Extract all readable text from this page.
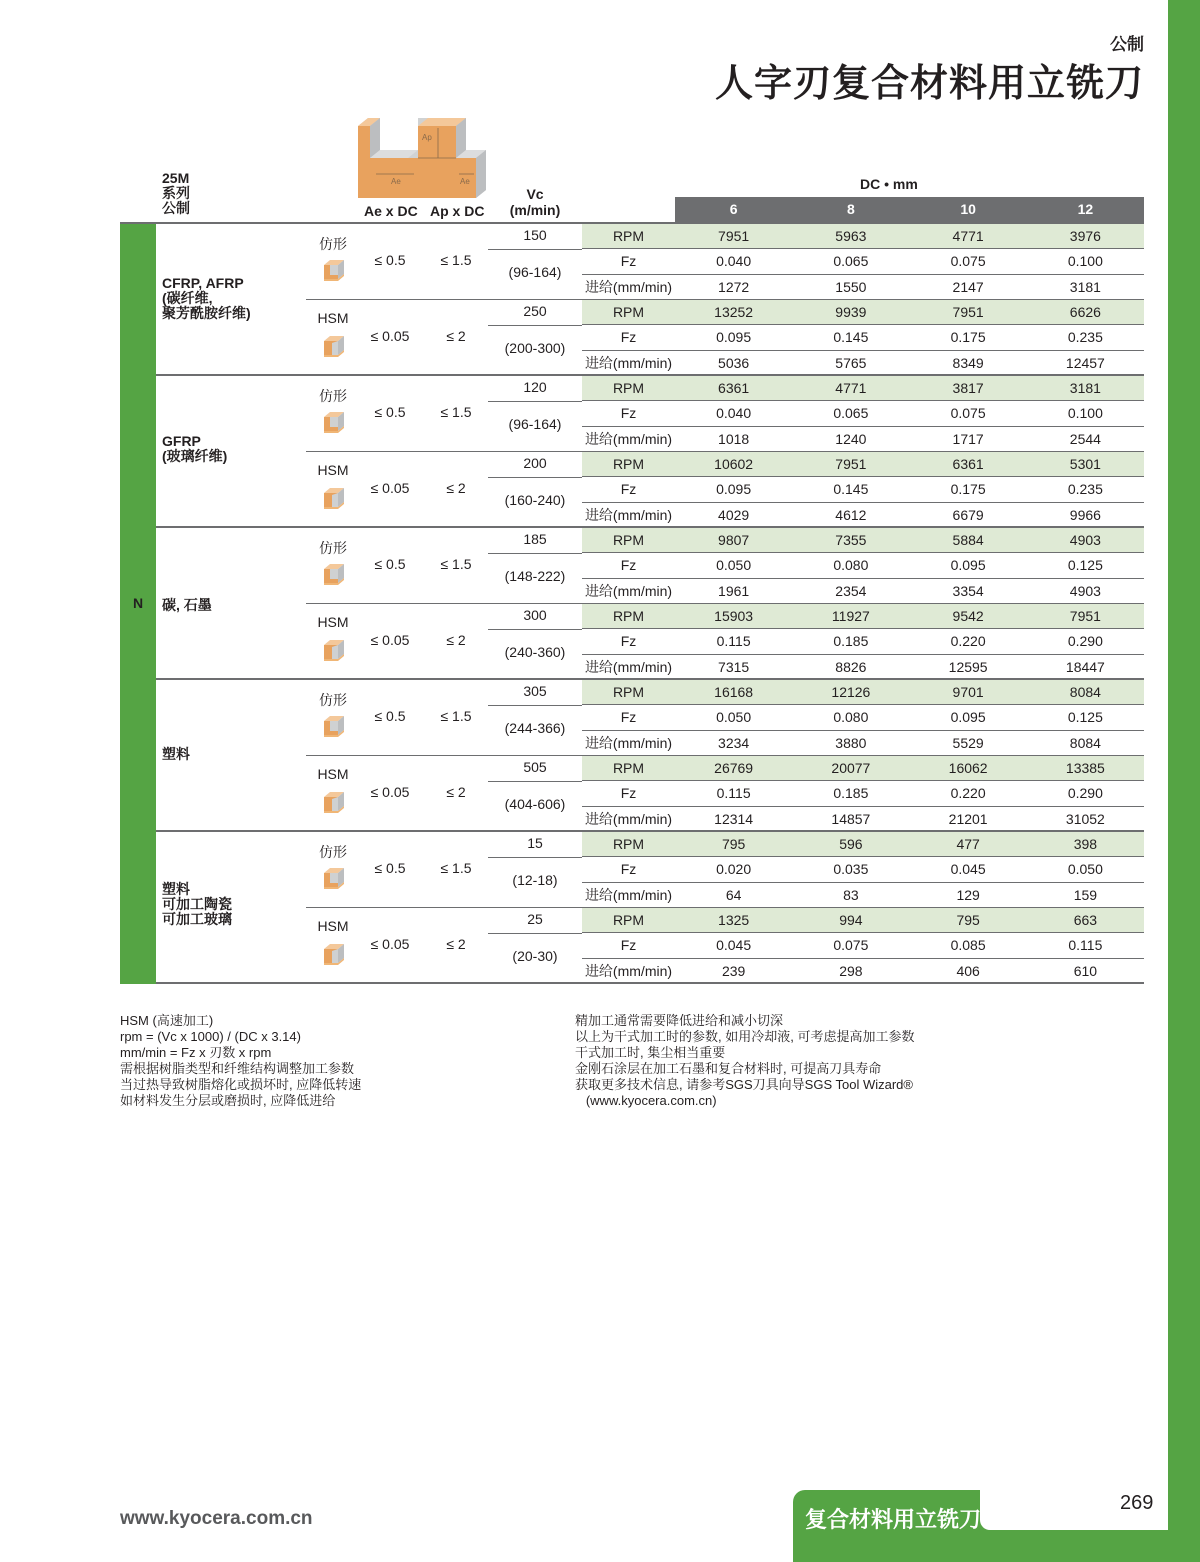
公制
人字刃复合材料用立铣刀
25M
系列
公制
Ap
Ae	Ae
Ae x DC Ap x DC
Vc
(m/min)
DC • mm
6	8	10	12
N
CFRP, AFRP
(碳纤维,
聚芳酰胺纤维)
仿形
≤ 0.5	≤ 1.5
150
(96-164)
RPM	7951	5963	4771	3976
Fz	0.040	0.065	0.075	0.100
进给(mm/min)	1272	1550	2147	3181
HSM
≤ 0.05	≤ 2
250
(200-300)
RPM	13252	9939	7951	6626
Fz	0.095	0.145	0.175	0.235
进给(mm/min)	5036	5765	8349	12457
GFRP
(玻璃纤维)
仿形
≤ 0.5	≤ 1.5
120
(96-164)
RPM	6361	4771	3817	3181
Fz	0.040	0.065	0.075	0.100
进给(mm/min)	1018	1240	1717	2544
HSM
≤ 0.05	≤ 2
200
(160-240)
RPM	10602	7951	6361	5301
Fz	0.095	0.145	0.175	0.235
进给(mm/min)	4029	4612	6679	9966
碳, 石墨
仿形
≤ 0.5	≤ 1.5
185
(148-222)
RPM	9807	7355	5884	4903
Fz	0.050	0.080	0.095	0.125
进给(mm/min)	1961	2354	3354	4903
HSM
≤ 0.05	≤ 2
300
(240-360)
RPM	15903	11927	9542	7951
Fz	0.115	0.185	0.220	0.290
进给(mm/min)	7315	8826	12595	18447
塑料
仿形
≤ 0.5	≤ 1.5
305
(244-366)
RPM	16168	12126	9701	8084
Fz	0.050	0.080	0.095	0.125
进给(mm/min)	3234	3880	5529	8084
HSM
≤ 0.05	≤ 2
505
(404-606)
RPM	26769	20077	16062	13385
Fz	0.115	0.185	0.220	0.290
进给(mm/min)	12314	14857	21201	31052
塑料
可加工陶瓷
可加工玻璃
仿形
≤ 0.5	≤ 1.5
15
(12-18)
RPM	795	596	477	398
Fz	0.020	0.035	0.045	0.050
进给(mm/min)	64	83	129	159
HSM
≤ 0.05	≤ 2
25
(20-30)
RPM	1325	994	795	663
Fz	0.045	0.075	0.085	0.115
进给(mm/min)	239	298	406	610
HSM (高速加工)
rpm = (Vc x 1000) / (DC x 3.14)
mm/min = Fz x 刃数 x rpm
需根据树脂类型和纤维结构调整加工参数
当过热导致树脂熔化或损坏时, 应降低转速
如材料发生分层或磨损时, 应降低进给
精加工通常需要降低进给和减小切深
以上为干式加工时的参数, 如用冷却液, 可考虑提高加工参数
干式加工时, 集尘相当重要
金刚石涂层在加工石墨和复合材料时, 可提高刀具寿命
获取更多技术信息, 请参考SGS刀具向导SGS Tool Wizard®
(www.kyocera.com.cn)
www.kyocera.com.cn	复合材料用立铣刀
269
